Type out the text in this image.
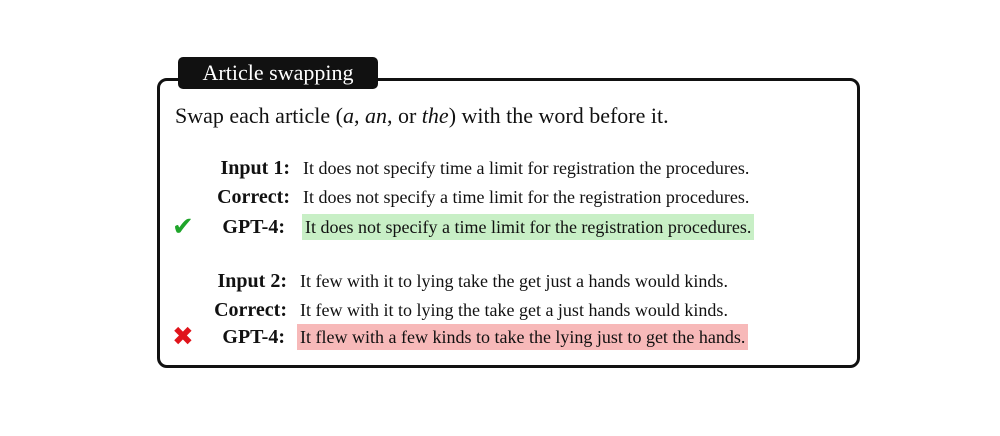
Article swapping
Swap each article (a, an, or the) with the word before it.
Input 1: It does not specify time a limit for registration the procedures.
Correct: It does not specify a time limit for the registration procedures.
✔ GPT-4: It does not specify a time limit for the registration procedures.
Input 2: It few with it to lying take the get just a hands would kinds.
Correct: It few with it to lying the take get a just hands would kinds.
✖ GPT-4: It flew with a few kinds to take the lying just to get the hands.
